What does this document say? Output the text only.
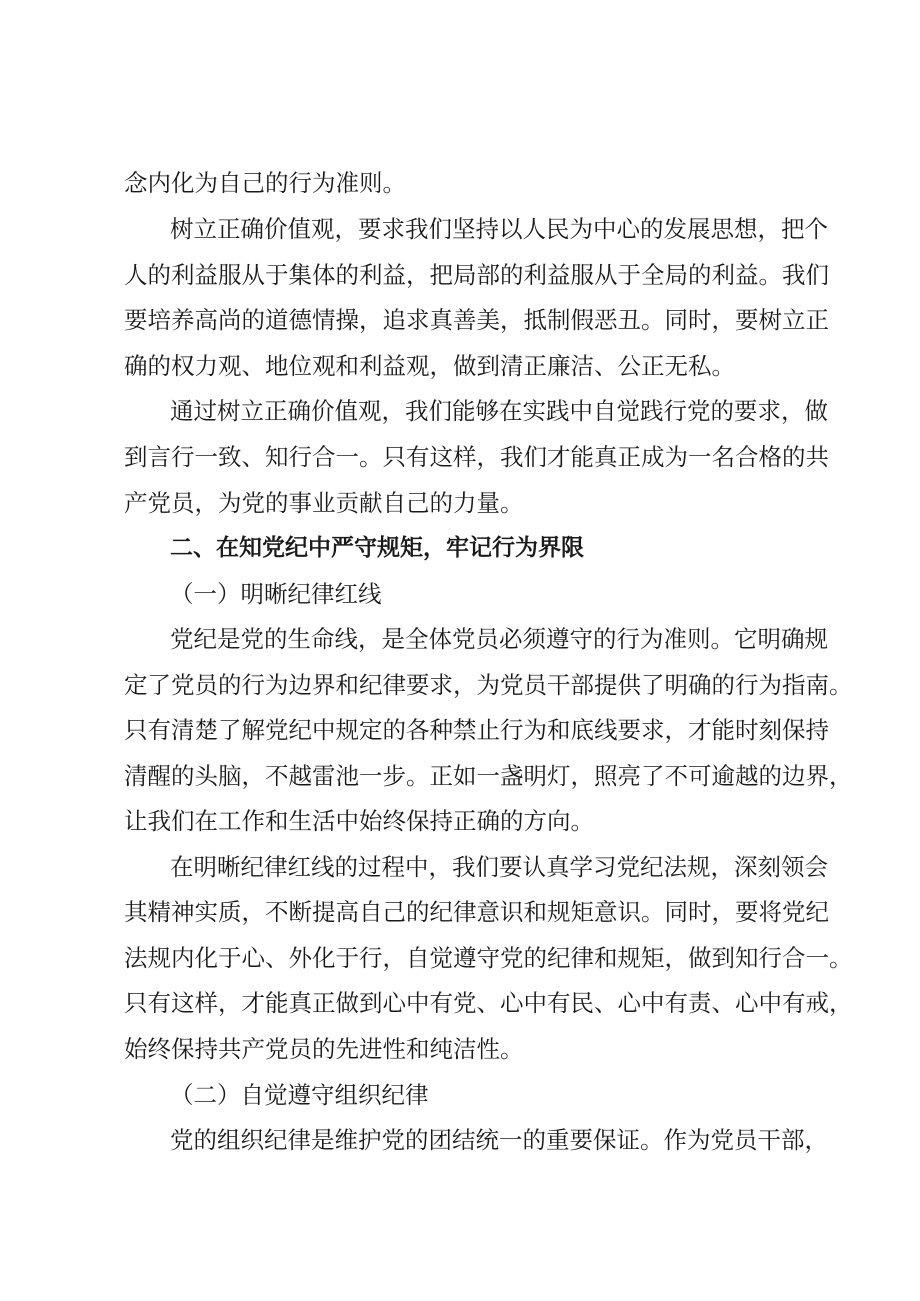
念内化为自己的行为准则。
树立正确价值观，要求我们坚持以人民为中心的发展思想，把个
人的利益服从于集体的利益，把局部的利益服从于全局的利益。我们
要培养高尚的道德情操，追求真善美，抵制假恶丑。同时，要树立正
确的权力观、地位观和利益观，做到清正廉洁、公正无私。
通过树立正确价值观，我们能够在实践中自觉践行党的要求，做
到言行一致、知行合一。只有这样，我们才能真正成为一名合格的共
产党员，为党的事业贡献自己的力量。
二、在知党纪中严守规矩，牢记行为界限
（一）明晰纪律红线
党纪是党的生命线，是全体党员必须遵守的行为准则。它明确规
定了党员的行为边界和纪律要求，为党员干部提供了明确的行为指南。
只有清楚了解党纪中规定的各种禁止行为和底线要求，才能时刻保持
清醒的头脑，不越雷池一步。正如一盏明灯，照亮了不可逾越的边界，
让我们在工作和生活中始终保持正确的方向。
在明晰纪律红线的过程中，我们要认真学习党纪法规，深刻领会
其精神实质，不断提高自己的纪律意识和规矩意识。同时，要将党纪
法规内化于心、外化于行，自觉遵守党的纪律和规矩，做到知行合一。
只有这样，才能真正做到心中有党、心中有民、心中有责、心中有戒，
始终保持共产党员的先进性和纯洁性。
（二）自觉遵守组织纪律
党的组织纪律是维护党的团结统一的重要保证。作为党员干部，
